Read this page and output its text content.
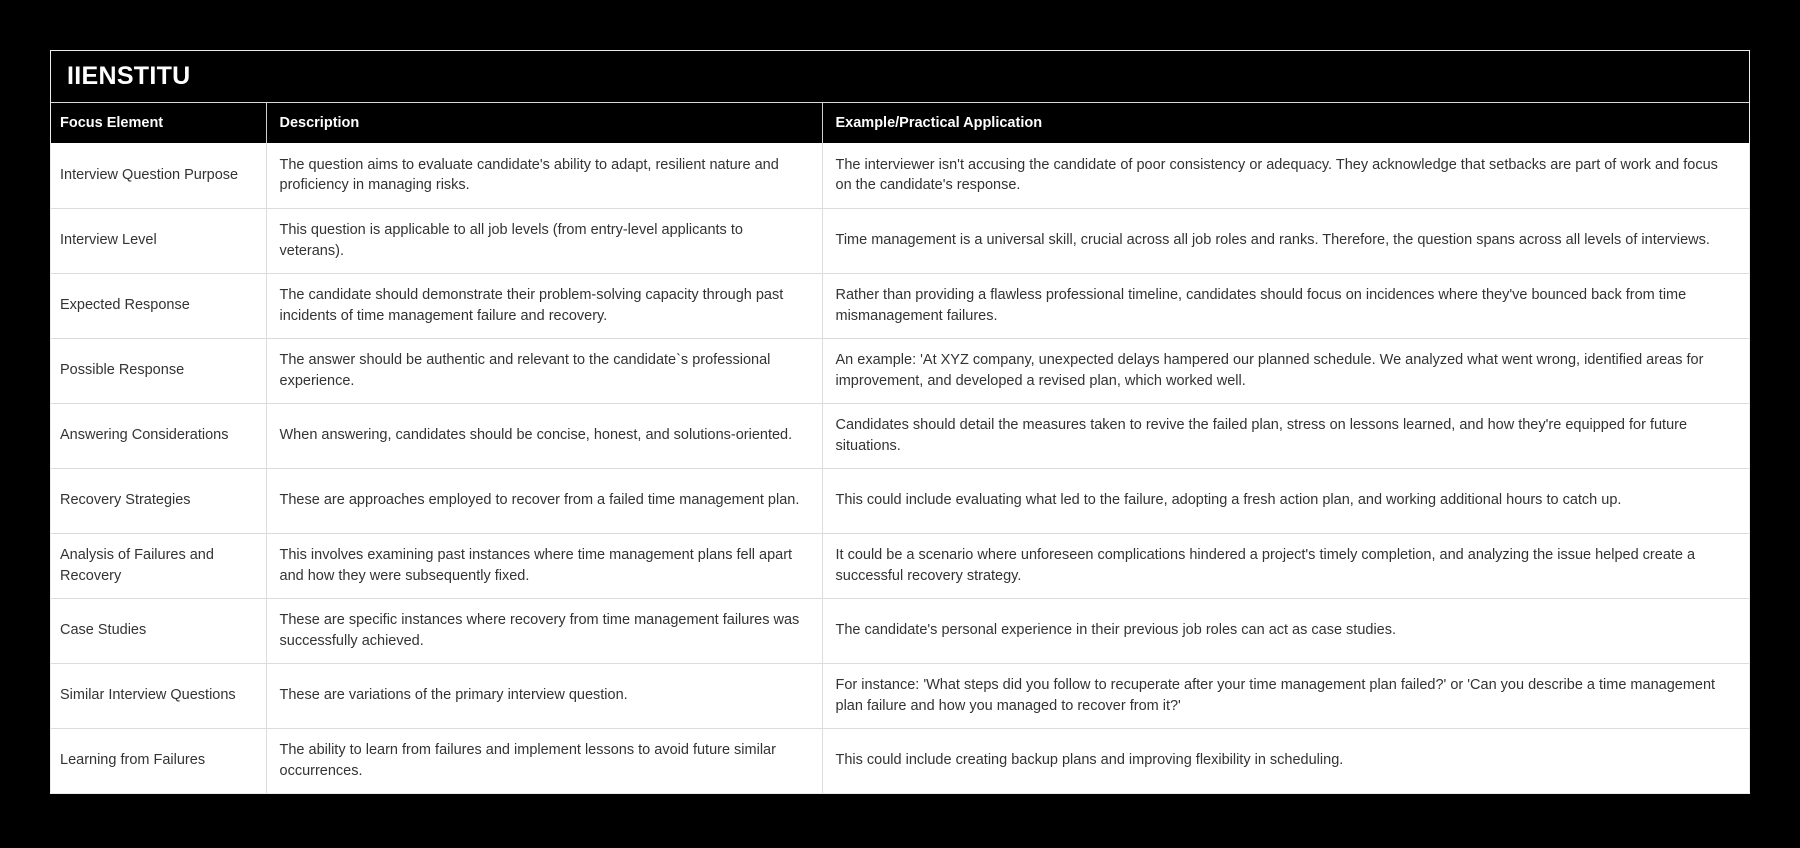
IIENSTITU
Focus Element	Description	Example/Practical Application
Interview Question Purpose	The question aims to evaluate candidate's ability to adapt, resilient nature and proficiency in managing risks.	The interviewer isn't accusing the candidate of poor consistency or adequacy. They acknowledge that setbacks are part of work and focus on the candidate's response.
Interview Level	This question is applicable to all job levels (from entry-level applicants to veterans).	Time management is a universal skill, crucial across all job roles and ranks. Therefore, the question spans across all levels of interviews.
Expected Response	The candidate should demonstrate their problem-solving capacity through past incidents of time management failure and recovery.	Rather than providing a flawless professional timeline, candidates should focus on incidences where they've bounced back from time mismanagement failures.
Possible Response	The answer should be authentic and relevant to the candidate`s professional experience.	An example: 'At XYZ company, unexpected delays hampered our planned schedule. We analyzed what went wrong, identified areas for improvement, and developed a revised plan, which worked well.
Answering Considerations	When answering, candidates should be concise, honest, and solutions-oriented.	Candidates should detail the measures taken to revive the failed plan, stress on lessons learned, and how they're equipped for future situations.
Recovery Strategies	These are approaches employed to recover from a failed time management plan.	This could include evaluating what led to the failure, adopting a fresh action plan, and working additional hours to catch up.
Analysis of Failures and Recovery	This involves examining past instances where time management plans fell apart and how they were subsequently fixed.	It could be a scenario where unforeseen complications hindered a project's timely completion, and analyzing the issue helped create a successful recovery strategy.
Case Studies	These are specific instances where recovery from time management failures was successfully achieved.	The candidate's personal experience in their previous job roles can act as case studies.
Similar Interview Questions	These are variations of the primary interview question.	For instance: 'What steps did you follow to recuperate after your time management plan failed?' or 'Can you describe a time management plan failure and how you managed to recover from it?'
Learning from Failures	The ability to learn from failures and implement lessons to avoid future similar occurrences.	This could include creating backup plans and improving flexibility in scheduling.
